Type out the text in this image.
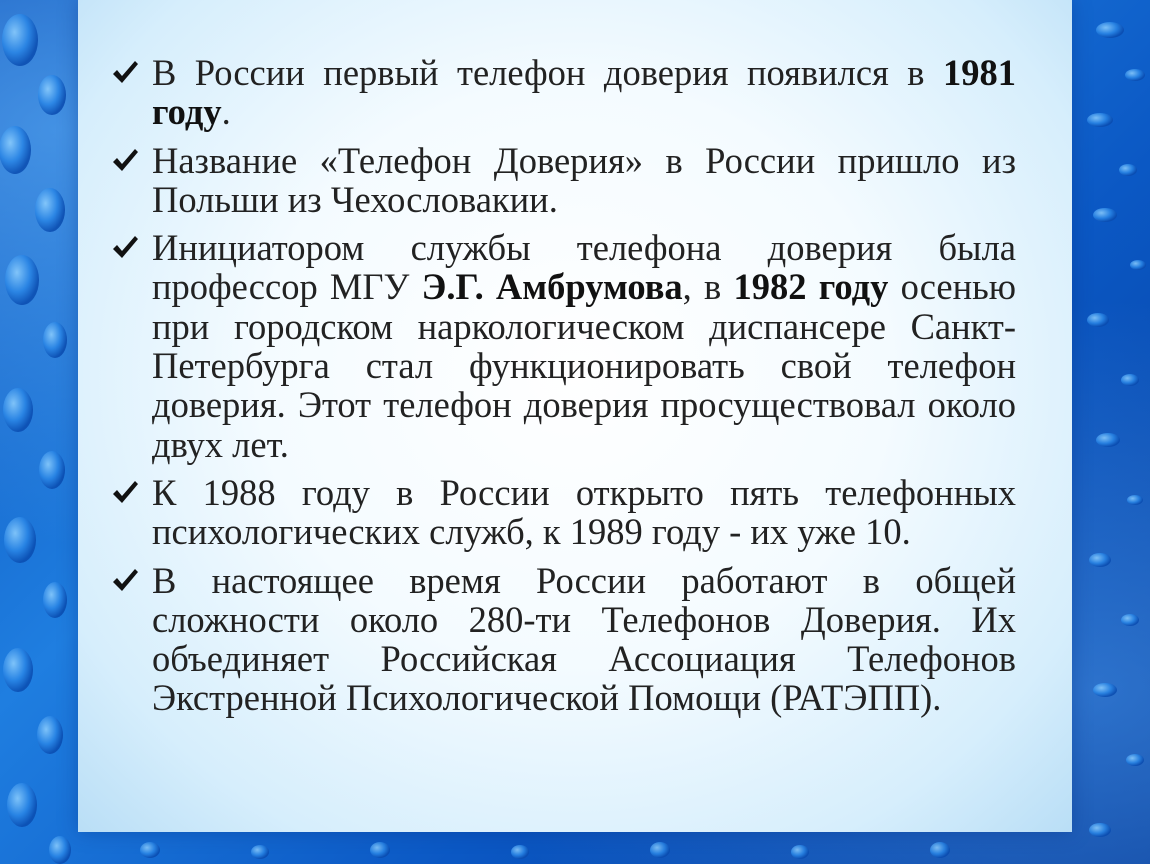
В России первый телефон доверия появился в 1981 году.
Название «Телефон Доверия» в России пришло из Польши из Чехословакии.
Инициатором службы телефона доверия была профессор МГУ Э.Г. Амбрумова, в 1982 году осенью при городском наркологическом диспансере Санкт-Петербурга стал функционировать свой телефон доверия. Этот телефон доверия просуществовал около двух лет.
К 1988 году в России открыто пять телефонных психологических служб, к 1989 году - их уже 10.
В настоящее время России работают в общей сложности около 280-ти Телефонов Доверия. Их объединяет Российская Ассоциация Телефонов Экстренной Психологической Помощи (РАТЭПП).
